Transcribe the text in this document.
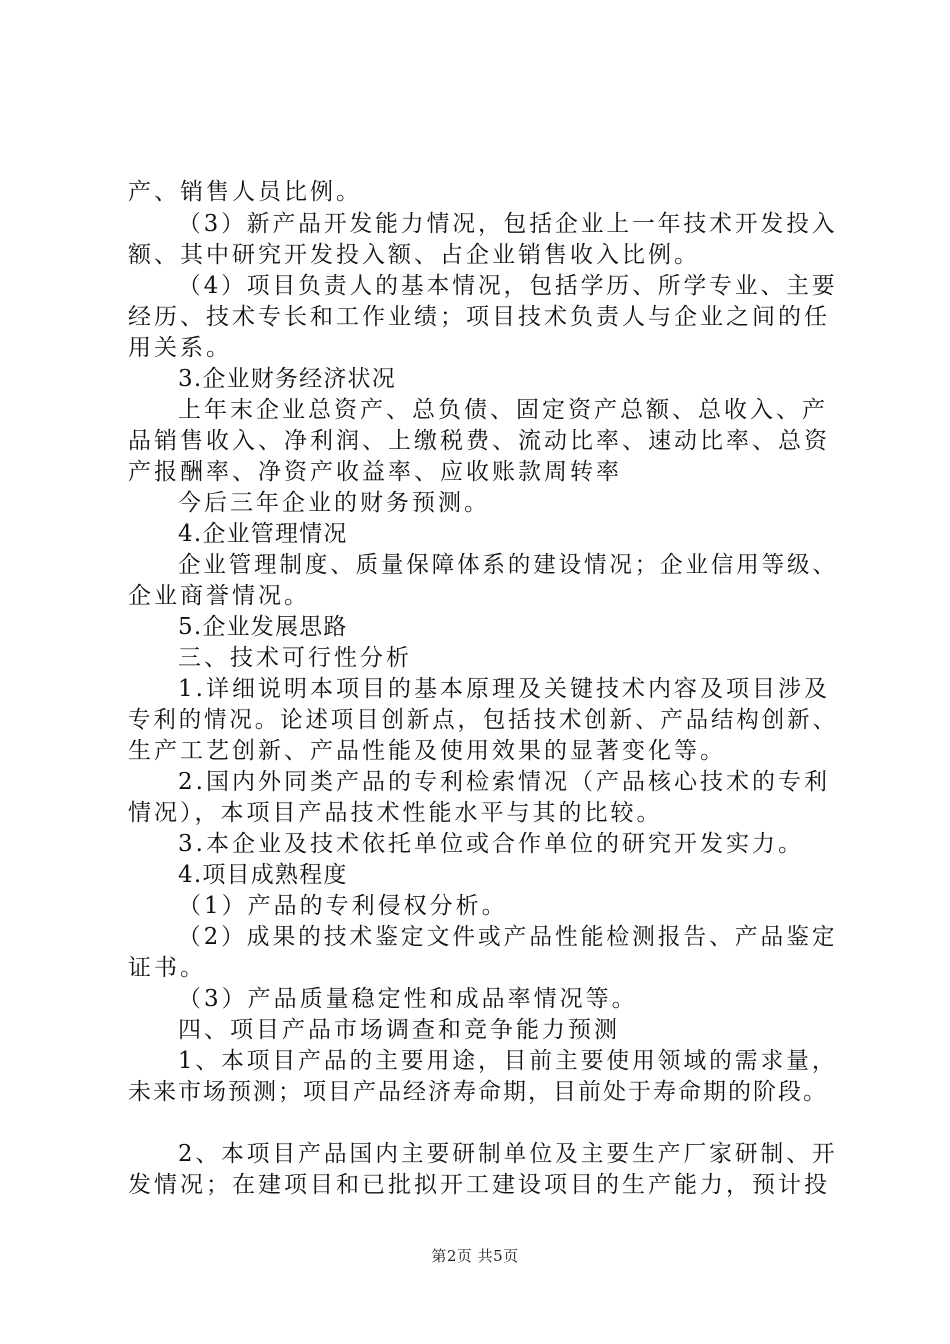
产、销售人员比例。
（3）新产品开发能力情况，包括企业上一年技术开发投入
额、其中研究开发投入额、占企业销售收入比例。
（4）项目负责人的基本情况，包括学历、所学专业、主要
经历、技术专长和工作业绩；项目技术负责人与企业之间的任
用关系。
3.企业财务经济状况
上年末企业总资产、总负债、固定资产总额、总收入、产
品销售收入、净利润、上缴税费、流动比率、速动比率、总资
产报酬率、净资产收益率、应收账款周转率
今后三年企业的财务预测。
4.企业管理情况
企业管理制度、质量保障体系的建设情况；企业信用等级、
企业商誉情况。
5.企业发展思路
三、技术可行性分析
1.详细说明本项目的基本原理及关键技术内容及项目涉及
专利的情况。论述项目创新点，包括技术创新、产品结构创新、
生产工艺创新、产品性能及使用效果的显著变化等。
2.国内外同类产品的专利检索情况（产品核心技术的专利
情况），本项目产品技术性能水平与其的比较。
3.本企业及技术依托单位或合作单位的研究开发实力。
4.项目成熟程度
（1）产品的专利侵权分析。
（2）成果的技术鉴定文件或产品性能检测报告、产品鉴定
证书。
（3）产品质量稳定性和成品率情况等。
四、项目产品市场调查和竞争能力预测
1、本项目产品的主要用途，目前主要使用领域的需求量，
未来市场预测；项目产品经济寿命期，目前处于寿命期的阶段。
2、本项目产品国内主要研制单位及主要生产厂家研制、开
发情况；在建项目和已批拟开工建设项目的生产能力，预计投
第2页 共5页
